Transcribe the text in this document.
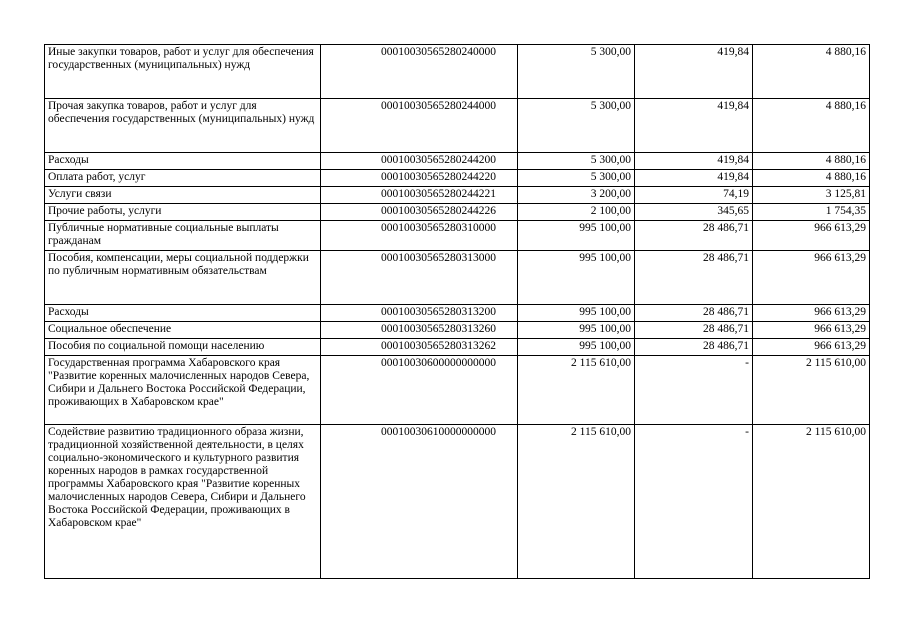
Иные закупки товаров, работ и услуг для обеспечения государственных (муниципальных) нужд	00010030565280240000	5 300,00	419,84	4 880,16
Прочая закупка товаров, работ и услуг для обеспечения государственных (муниципальных) нужд	00010030565280244000	5 300,00	419,84	4 880,16
Расходы	00010030565280244200	5 300,00	419,84	4 880,16
Оплата работ, услуг	00010030565280244220	5 300,00	419,84	4 880,16
Услуги связи	00010030565280244221	3 200,00	74,19	3 125,81
Прочие работы, услуги	00010030565280244226	2 100,00	345,65	1 754,35
Публичные нормативные социальные выплаты гражданам	00010030565280310000	995 100,00	28 486,71	966 613,29
Пособия, компенсации, меры социальной поддержки по публичным нормативным обязательствам	00010030565280313000	995 100,00	28 486,71	966 613,29
Расходы	00010030565280313200	995 100,00	28 486,71	966 613,29
Социальное обеспечение	00010030565280313260	995 100,00	28 486,71	966 613,29
Пособия по социальной помощи населению	00010030565280313262	995 100,00	28 486,71	966 613,29
Государственная программа Хабаровского края "Развитие коренных малочисленных народов Севера, Сибири и Дальнего Востока Российской Федерации, проживающих в Хабаровском крае"	00010030600000000000	2 115 610,00	-	2 115 610,00
Содействие развитию традиционного образа жизни, традиционной хозяйственной деятельности, в целях социально-экономического и культурного развития коренных народов в рамках государственной программы Хабаровского края "Развитие коренных малочисленных народов Севера, Сибири и Дальнего Востока Российской Федерации, проживающих в Хабаровском крае"	00010030610000000000	2 115 610,00	-	2 115 610,00
